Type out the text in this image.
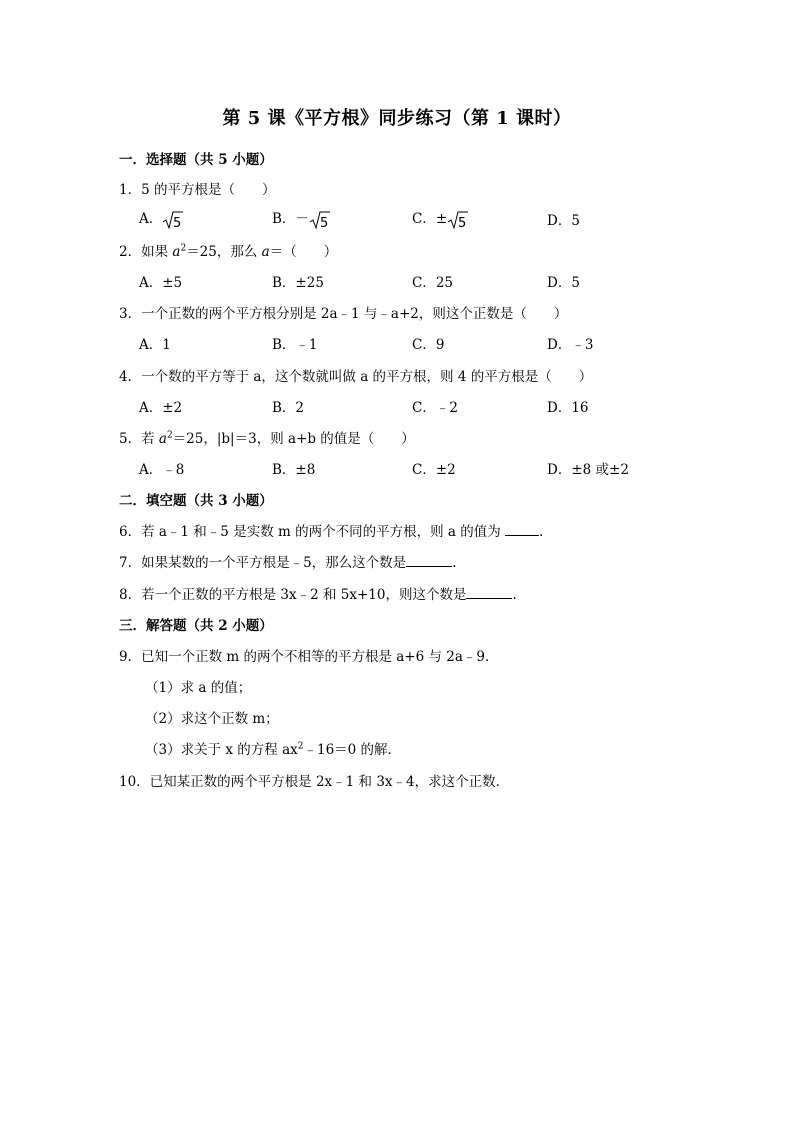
第 5 课《平方根》同步练习（第 1 课时）
一．选择题（共 5 小题）
1．5 的平方根是（　　）
A． 5	B．－ 5	C．± 5	D．5
2．如果 $a^2=25$，那么 a＝（　　）
A．±5	B．±25	C．25	D．5
3．一个正数的两个平方根分别是 2a﹣1 与﹣a+2，则这个正数是（　　）
A．1	B．﹣1	C．9	D．﹣3
4．一个数的平方等于 a，这个数就叫做 a 的平方根，则 4 的平方根是（　　）
A．±2	B．2	C．﹣2	D．16
5．若 $a^2=25$，|b|＝3，则 a+b 的值是（　　）
A．﹣8	B．±8	C．±2	D．±8 或±2
二．填空题（共 3 小题）
6．若 a﹣1 和﹣5 是实数 m 的两个不同的平方根，则 a 的值为	.
7．如果某数的一个平方根是﹣5，那么这个数是	.
8．若一个正数的平方根是 3x﹣2 和 5x+10，则这个数是	.
三．解答题（共 2 小题）
9．已知一个正数 m 的两个不相等的平方根是 a+6 与 2a﹣9．
（1）求 a 的值；
（2）求这个正数 m；
（3）求关于 x 的方程 $ax^2﹣16=0$ 的解．
10．已知某正数的两个平方根是 2x﹣1 和 3x﹣4，求这个正数．
